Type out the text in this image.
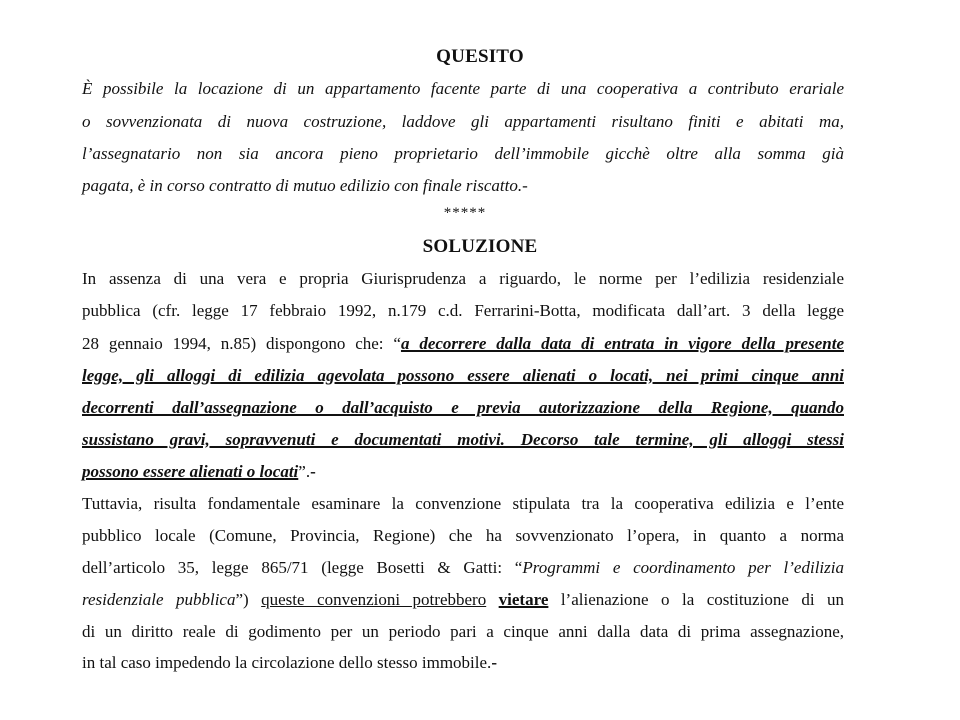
QUESITO
È possibile la locazione di un appartamento facente parte di una cooperativa a contributo erariale
o sovvenzionata di nuova costruzione, laddove gli appartamenti risultano finiti e abitati ma,
l’assegnatario non sia ancora pieno proprietario dell’immobile gicchè oltre alla somma già
pagata, è in corso contratto di mutuo edilizio con finale riscatto.-
*****
SOLUZIONE
In assenza di una vera e propria Giurisprudenza a riguardo, le norme per l’edilizia residenziale
pubblica (cfr. legge 17 febbraio 1992, n.179 c.d. Ferrarini-Botta, modificata dall’art. 3 della legge
28 gennaio 1994, n.85) dispongono che: “a decorrere dalla data di entrata in vigore della presente
legge, gli alloggi di edilizia agevolata possono essere alienati o locati, nei primi cinque anni
decorrenti dall’assegnazione o dall’acquisto e previa autorizzazione della Regione, quando
sussistano gravi, sopravvenuti e documentati motivi. Decorso tale termine, gli alloggi stessi
possono essere alienati o locati”.-
Tuttavia, risulta fondamentale esaminare la convenzione stipulata tra la cooperativa edilizia e l’ente
pubblico locale (Comune, Provincia, Regione) che ha sovvenzionato l’opera, in quanto a norma
dell’articolo 35, legge 865/71 (legge Bosetti & Gatti: “Programmi e coordinamento per l’edilizia
residenziale pubblica”) queste convenzioni potrebbero vietare l’alienazione o la costituzione di un
di un diritto reale di godimento per un periodo pari a cinque anni dalla data di prima assegnazione,
in tal caso impedendo la circolazione dello stesso immobile.-
